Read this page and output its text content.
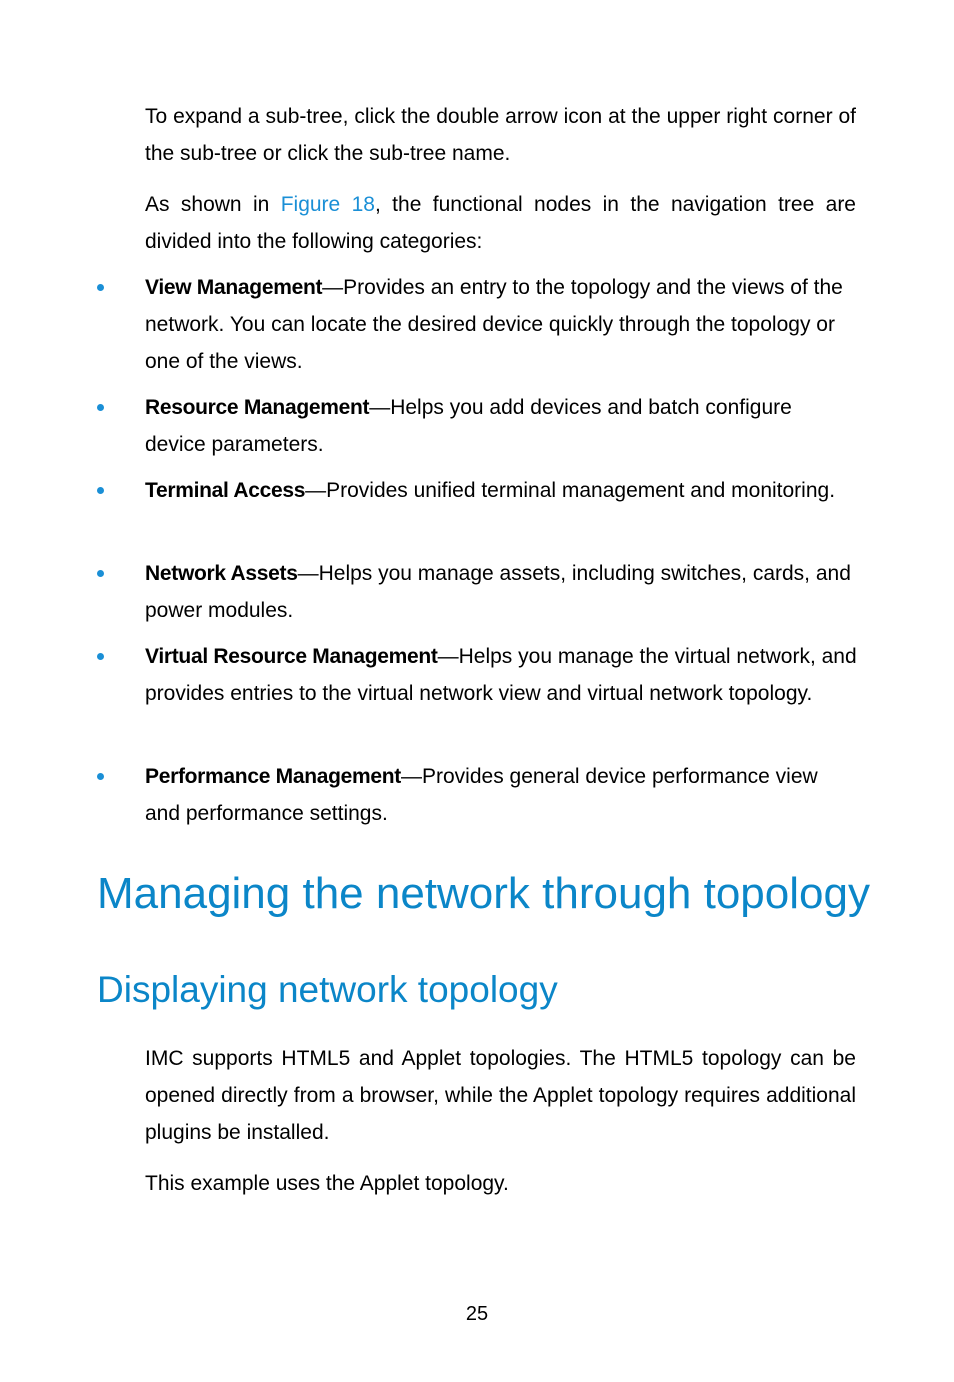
To expand a sub-tree, click the double arrow icon at the upper right corner of the sub-tree or click the sub-tree name.

As shown in Figure 18, the functional nodes in the navigation tree are divided into the following categories:

View Management—Provides an entry to the topology and the views of the network. You can locate the desired device quickly through the topology or one of the views.

Resource Management—Helps you add devices and batch configure device parameters.

Terminal Access—Provides unified terminal management and monitoring.

Network Assets—Helps you manage assets, including switches, cards, and power modules.

Virtual Resource Management—Helps you manage the virtual network, and provides entries to the virtual network view and virtual network topology.

Performance Management—Provides general device performance view and performance settings.

Managing the network through topology
Displaying network topology

IMC supports HTML5 and Applet topologies. The HTML5 topology can be opened directly from a browser, while the Applet topology requires additional plugins be installed.

This example uses the Applet topology.

25
